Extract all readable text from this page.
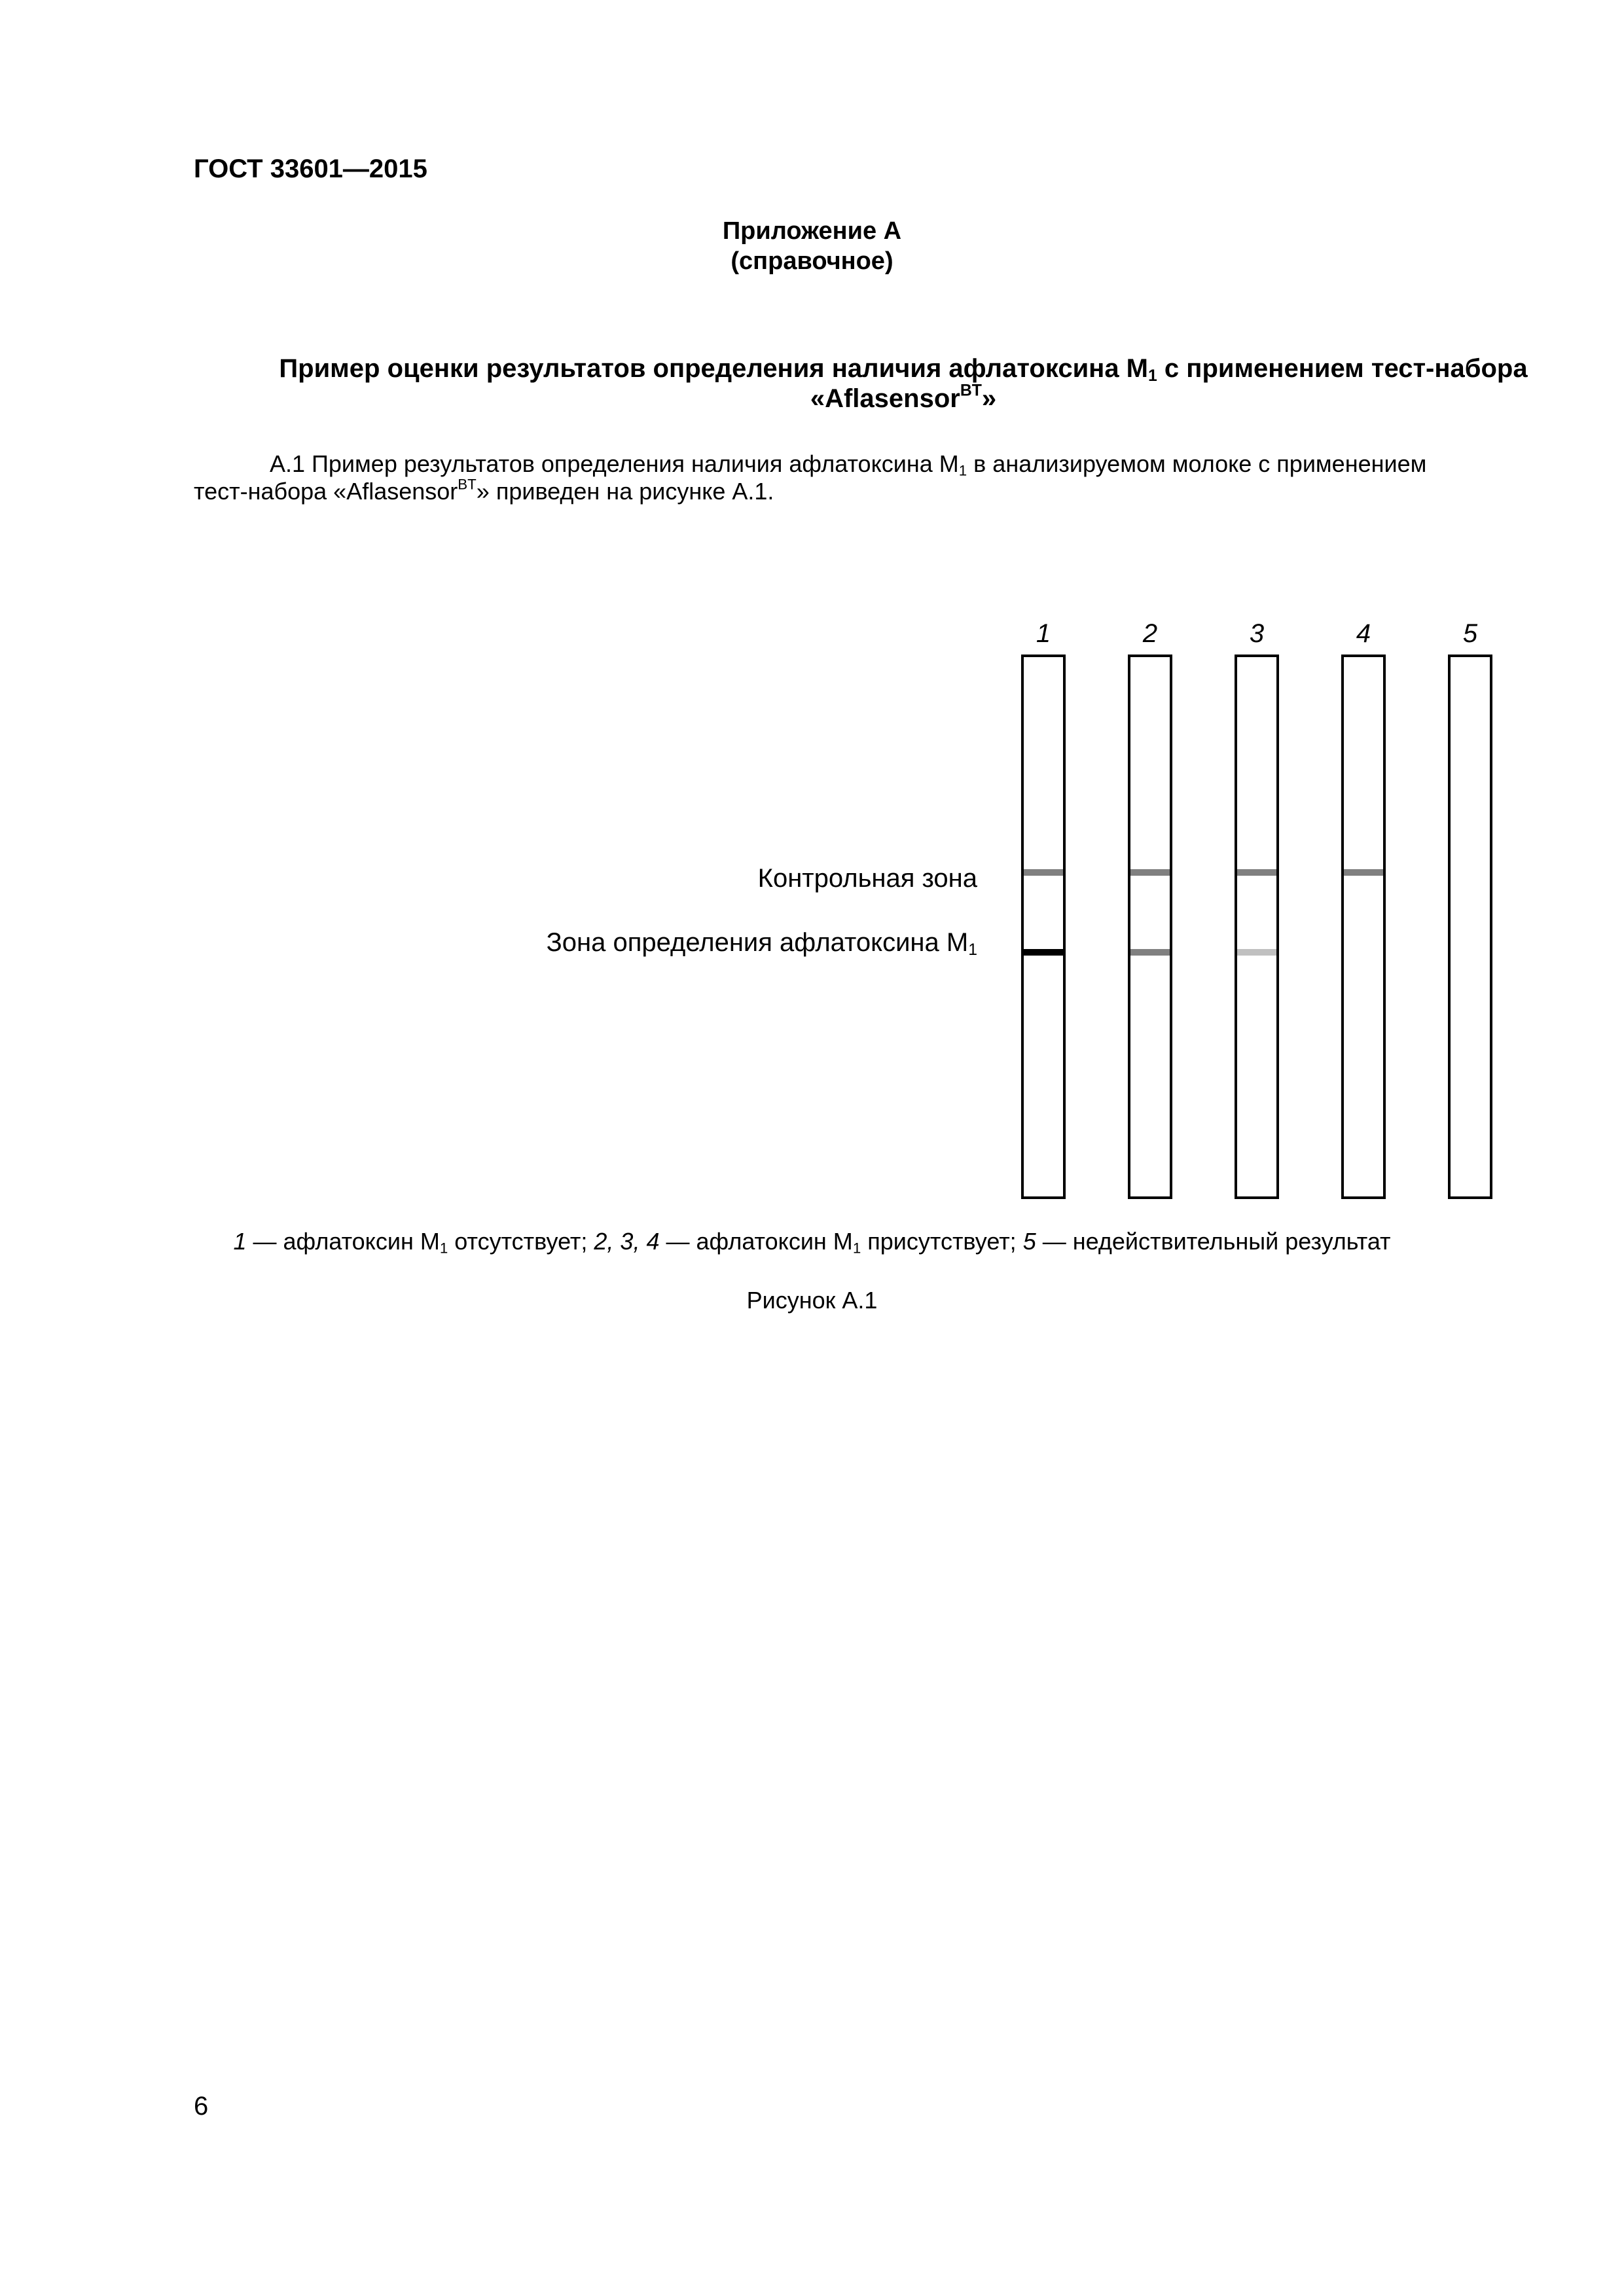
ГОСТ 33601—2015
Приложение А
(справочное)
Пример оценки результатов определения наличия афлатоксина $М_1$ с применением тест-набора
«Aflasensor$^{BT}$»
А.1 Пример результатов определения наличия афлатоксина $М_1$ в анализируемом молоке с применением
тест-набора «Aflasensor$^{BT}$» приведен на рисунке А.1.
Контрольная зона
Зона определения афлатоксина $М_1$
1	2	3	4	5
1 — афлатоксин $М_1$ отсутствует; 2, 3, 4 — афлатоксин $М_1$ присутствует; 5 — недействительный результат
Рисунок А.1
6
